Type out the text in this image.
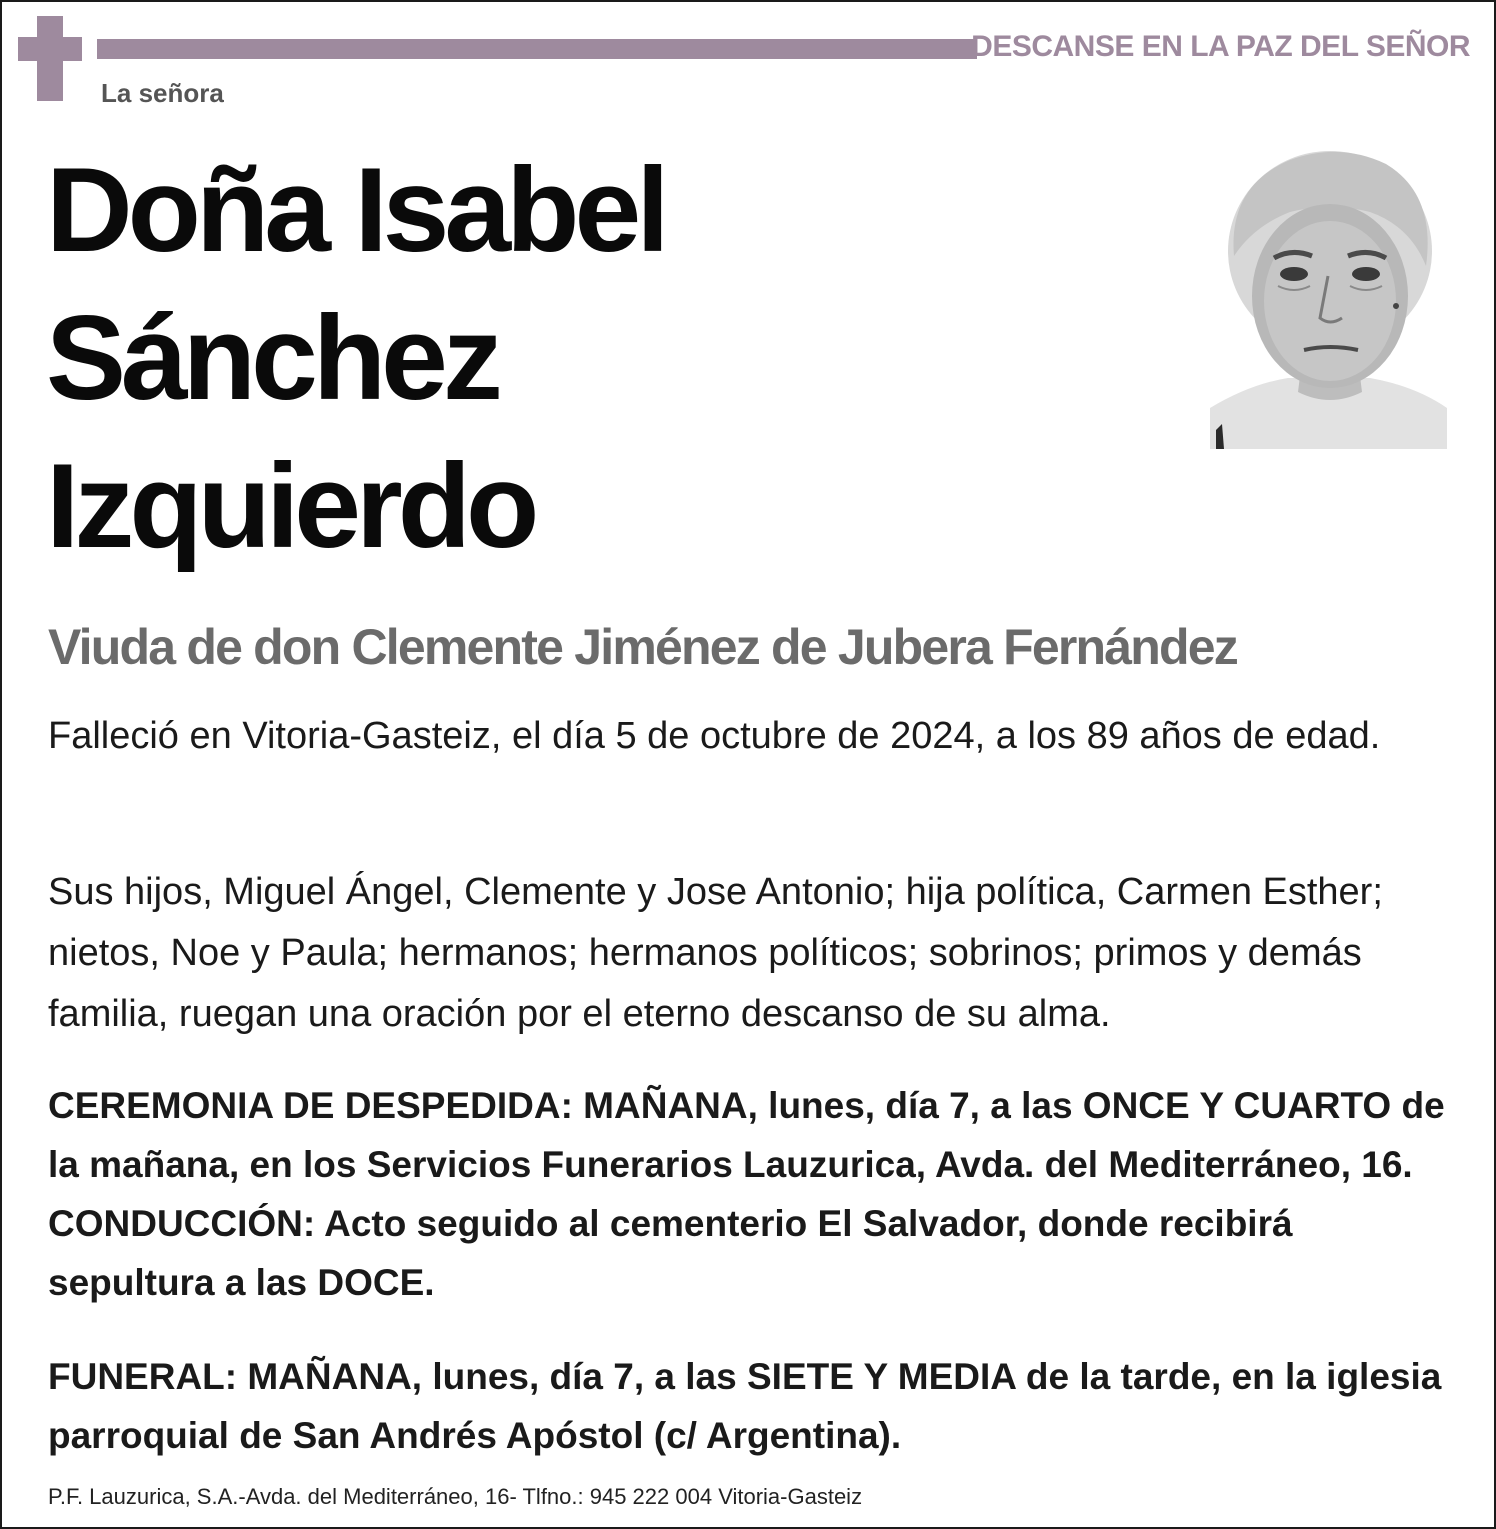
DESCANSE EN LA PAZ DEL SEÑOR
La señora
Doña Isabel
Sánchez
Izquierdo
Viuda de don Clemente Jiménez de Jubera Fernández
Falleció en Vitoria-Gasteiz, el día 5 de octubre de 2024, a los 89 años de edad.
Sus hijos, Miguel Ángel, Clemente y Jose Antonio; hija política, Carmen Esther; nietos, Noe y Paula; hermanos; hermanos políticos; sobrinos; primos y demás familia, ruegan una oración por el eterno descanso de su alma.
CEREMONIA DE DESPEDIDA: MAÑANA, lunes, día 7, a las ONCE Y CUARTO de la mañana, en los Servicios Funerarios Lauzurica, Avda. del Mediterráneo, 16. CONDUCCIÓN: Acto seguido al cementerio El Salvador, donde recibirá sepultura a las DOCE.
FUNERAL: MAÑANA, lunes, día 7, a las SIETE Y MEDIA de la tarde, en la iglesia parroquial de San Andrés Apóstol (c/ Argentina).
P.F. Lauzurica, S.A.-Avda. del Mediterráneo, 16- Tlfno.: 945 222 004 Vitoria-Gasteiz
